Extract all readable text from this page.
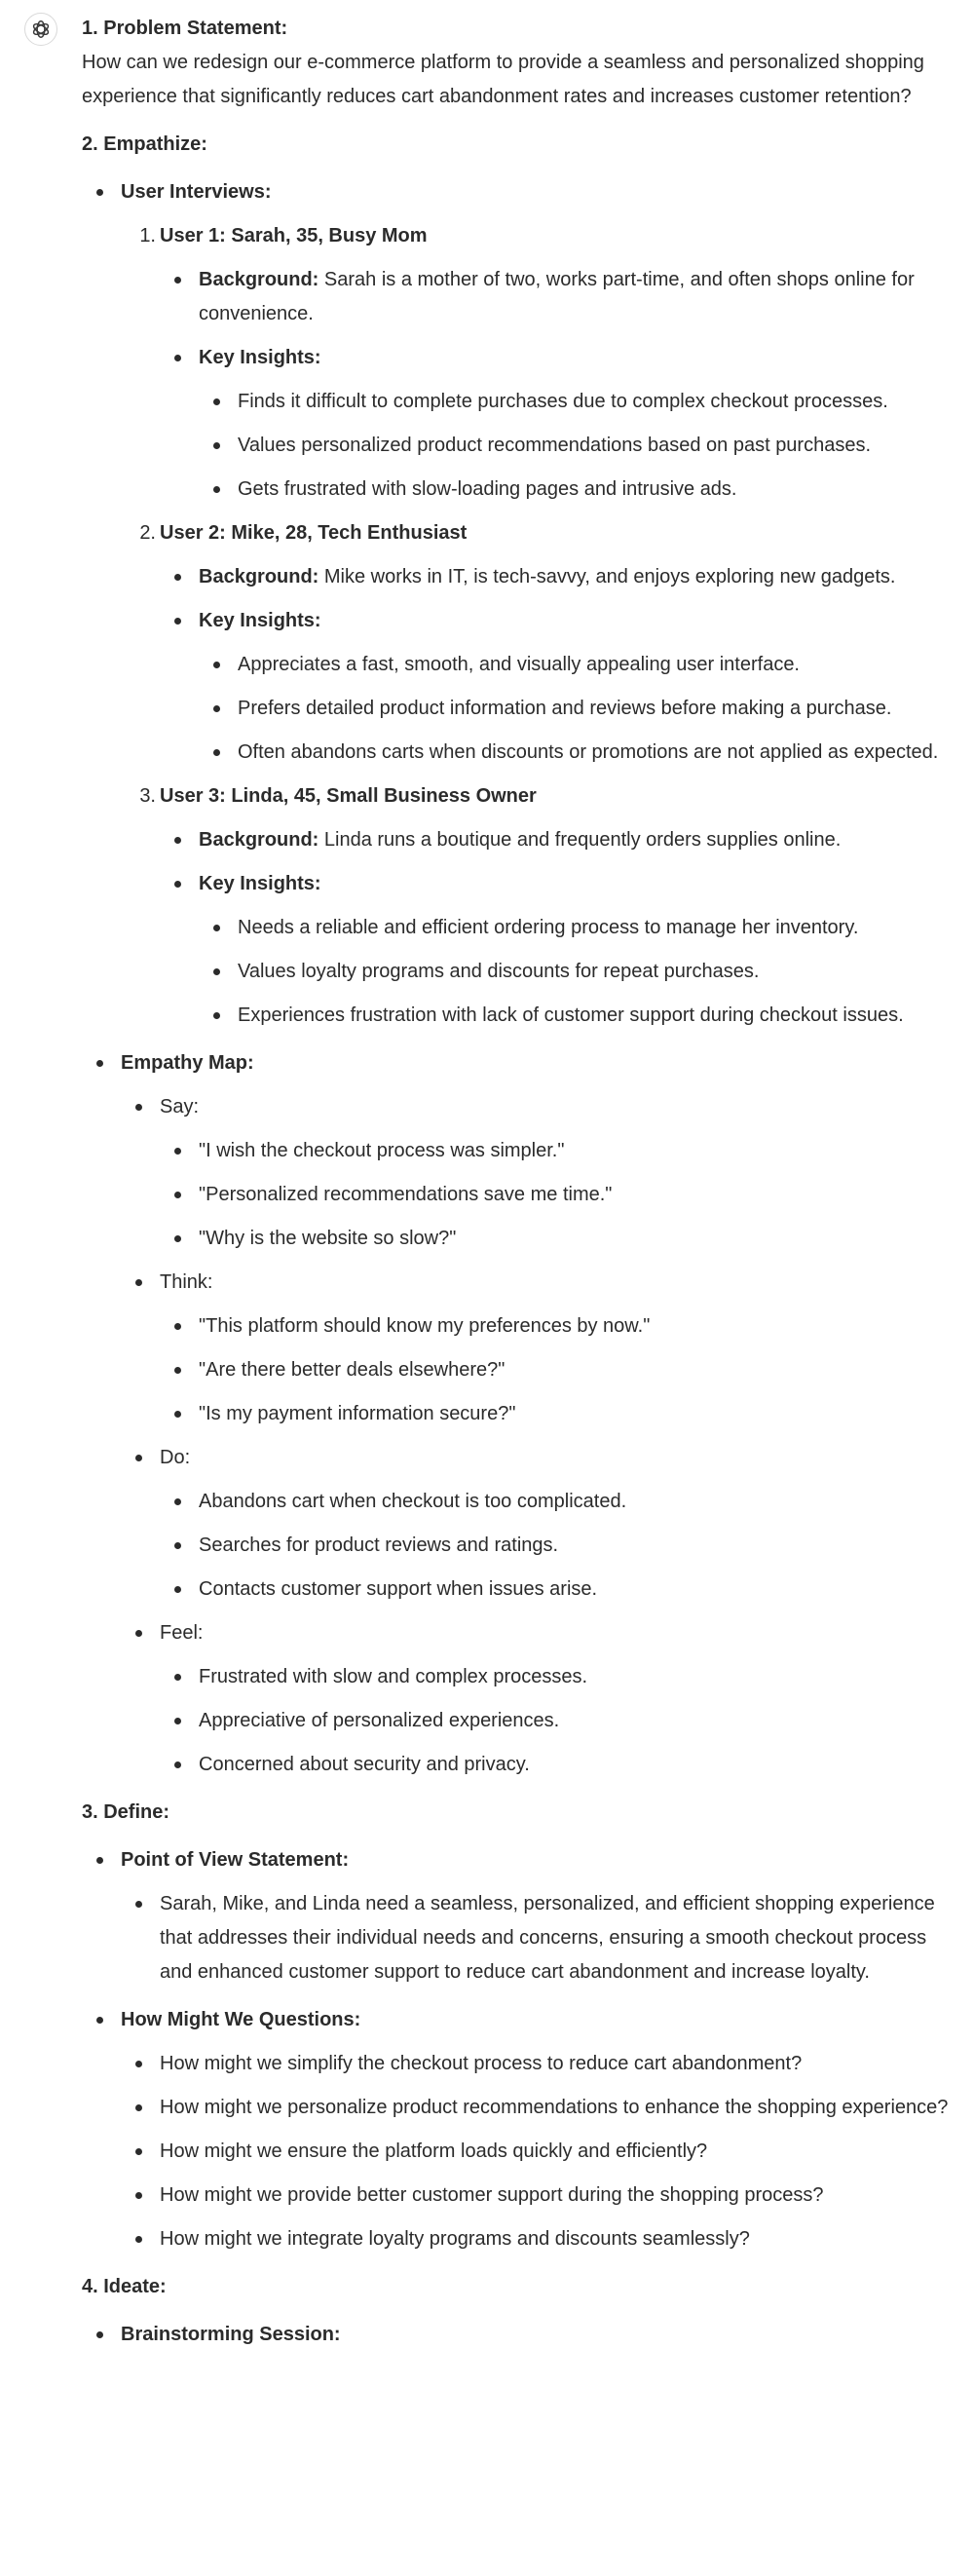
1. Problem Statement:

How can we redesign our e-commerce platform to provide a seamless and personalized shopping experience that significantly reduces cart abandonment rates and increases customer retention?

2. Empathize:

User Interviews:
1. User 1: Sarah, 35, Busy Mom
Background: Sarah is a mother of two, works part-time, and often shops online for convenience.
Key Insights:
Finds it difficult to complete purchases due to complex checkout processes.
Values personalized product recommendations based on past purchases.
Gets frustrated with slow-loading pages and intrusive ads.
2. User 2: Mike, 28, Tech Enthusiast
Background: Mike works in IT, is tech-savvy, and enjoys exploring new gadgets.
Key Insights:
Appreciates a fast, smooth, and visually appealing user interface.
Prefers detailed product information and reviews before making a purchase.
Often abandons carts when discounts or promotions are not applied as expected.
3. User 3: Linda, 45, Small Business Owner
Background: Linda runs a boutique and frequently orders supplies online.
Key Insights:
Needs a reliable and efficient ordering process to manage her inventory.
Values loyalty programs and discounts for repeat purchases.
Experiences frustration with lack of customer support during checkout issues.
Empathy Map:
Say:
"I wish the checkout process was simpler."
"Personalized recommendations save me time."
"Why is the website so slow?"
Think:
"This platform should know my preferences by now."
"Are there better deals elsewhere?"
"Is my payment information secure?"
Do:
Abandons cart when checkout is too complicated.
Searches for product reviews and ratings.
Contacts customer support when issues arise.
Feel:
Frustrated with slow and complex processes.
Appreciative of personalized experiences.
Concerned about security and privacy.

3. Define:

Point of View Statement:
Sarah, Mike, and Linda need a seamless, personalized, and efficient shopping experience that addresses their individual needs and concerns, ensuring a smooth checkout process and enhanced customer support to reduce cart abandonment and increase loyalty.
How Might We Questions:
How might we simplify the checkout process to reduce cart abandonment?
How might we personalize product recommendations to enhance the shopping experience?
How might we ensure the platform loads quickly and efficiently?
How might we provide better customer support during the shopping process?
How might we integrate loyalty programs and discounts seamlessly?

4. Ideate:

Brainstorming Session:
